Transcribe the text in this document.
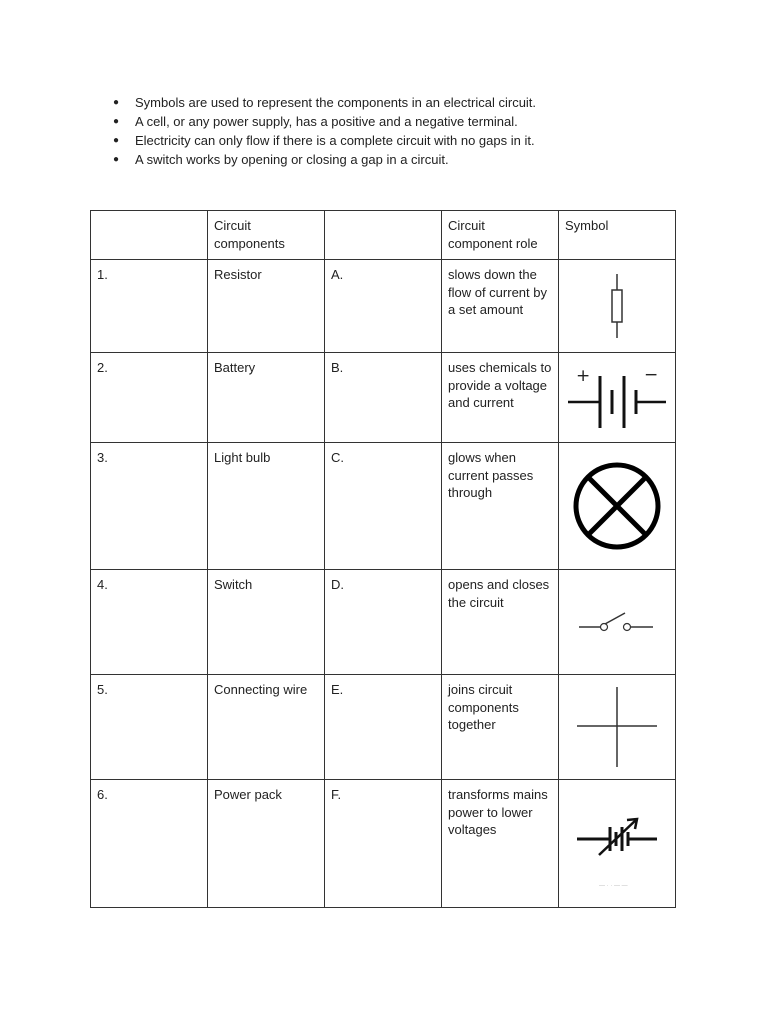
● Symbols are used to represent the components in an electrical circuit.
● A cell, or any power supply, has a positive and a negative terminal.
● Electricity can only flow if there is a complete circuit with no gaps in it.
● A switch works by opening or closing a gap in a circuit.
	Circuit components		Circuit component role	Symbol
1.	Resistor	A.	slows down the flow of current by a set amount	

2.	Battery	B.	uses chemicals to provide a voltage and current	+ −

3.	Light bulb	C.	glows when current passes through	

4.	Switch	D.	opens and closes the circuit	

5.	Connecting wire	E.	joins circuit components together	

6.	Power pack	F.	transforms mains power to lower voltages	— · · — —
